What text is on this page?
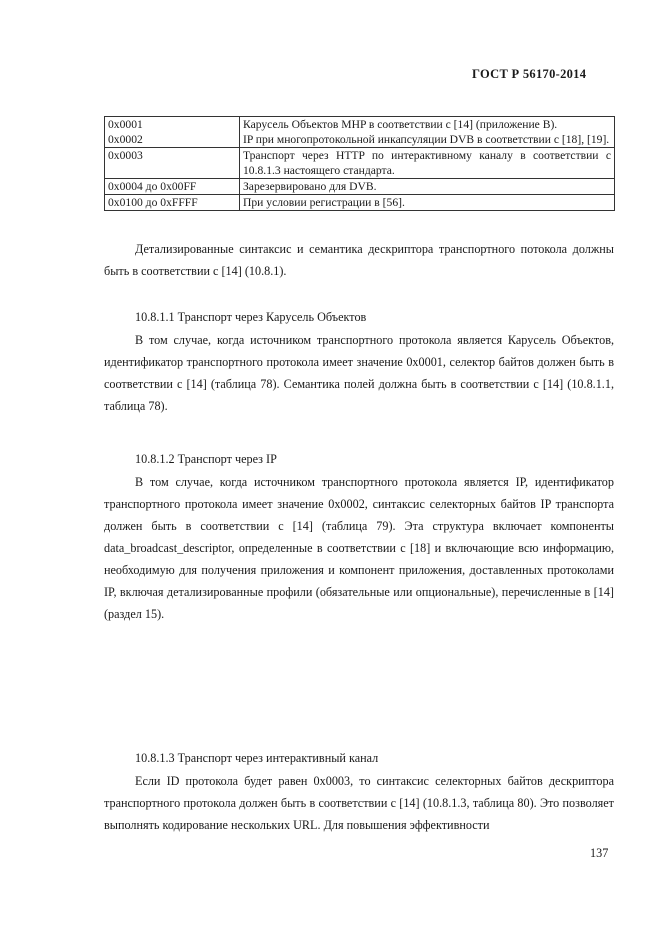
ГОСТ Р 56170-2014
0x0001	Карусель Объектов MHP в соответствии с [14] (приложение B).
0x0002	IP при многопротокольной инкапсуляции DVB в соответствии с [18], [19].
0x0003	Транспорт через HTTP по интерактивному каналу в соответствии с 10.8.1.3 настоящего стандарта.
0x0004 до 0x00FF	Зарезервировано для DVB.
0x0100 до 0xFFFF	При условии регистрации в [56].

Детализированные синтаксис и семантика дескриптора транспортного потокола должны быть в соответствии с [14] (10.8.1).

10.8.1.1 Транспорт через Карусель Объектов

В том случае, когда источником транспортного протокола является Карусель Объектов, идентификатор транспортного протокола имеет значение 0x0001, селектор байтов должен быть в соответствии с [14] (таблица 78). Семантика полей должна быть в соответствии с [14] (10.8.1.1, таблица 78).

10.8.1.2 Транспорт через IP

В том случае, когда источником транспортного протокола является IP, идентификатор транспортного протокола имеет значение 0x0002, синтаксис селекторных байтов IP транспорта должен быть в соответствии с [14] (таблица 79). Эта структура включает компоненты data_broadcast_descriptor, определенные в соответствии с [18] и включающие всю информацию, необходимую для получения приложения и компонент приложения, доставленных протоколами IP, включая детализированные профили (обязательные или опциональные), перечисленные в [14] (раздел 15).

10.8.1.3 Транспорт через интерактивный канал

Если ID протокола будет равен 0x0003, то синтаксис селекторных байтов дескриптора транспортного протокола должен быть в соответствии с [14] (10.8.1.3, таблица 80). Это позволяет выполнять кодирование нескольких URL. Для повышения эффективности

137
